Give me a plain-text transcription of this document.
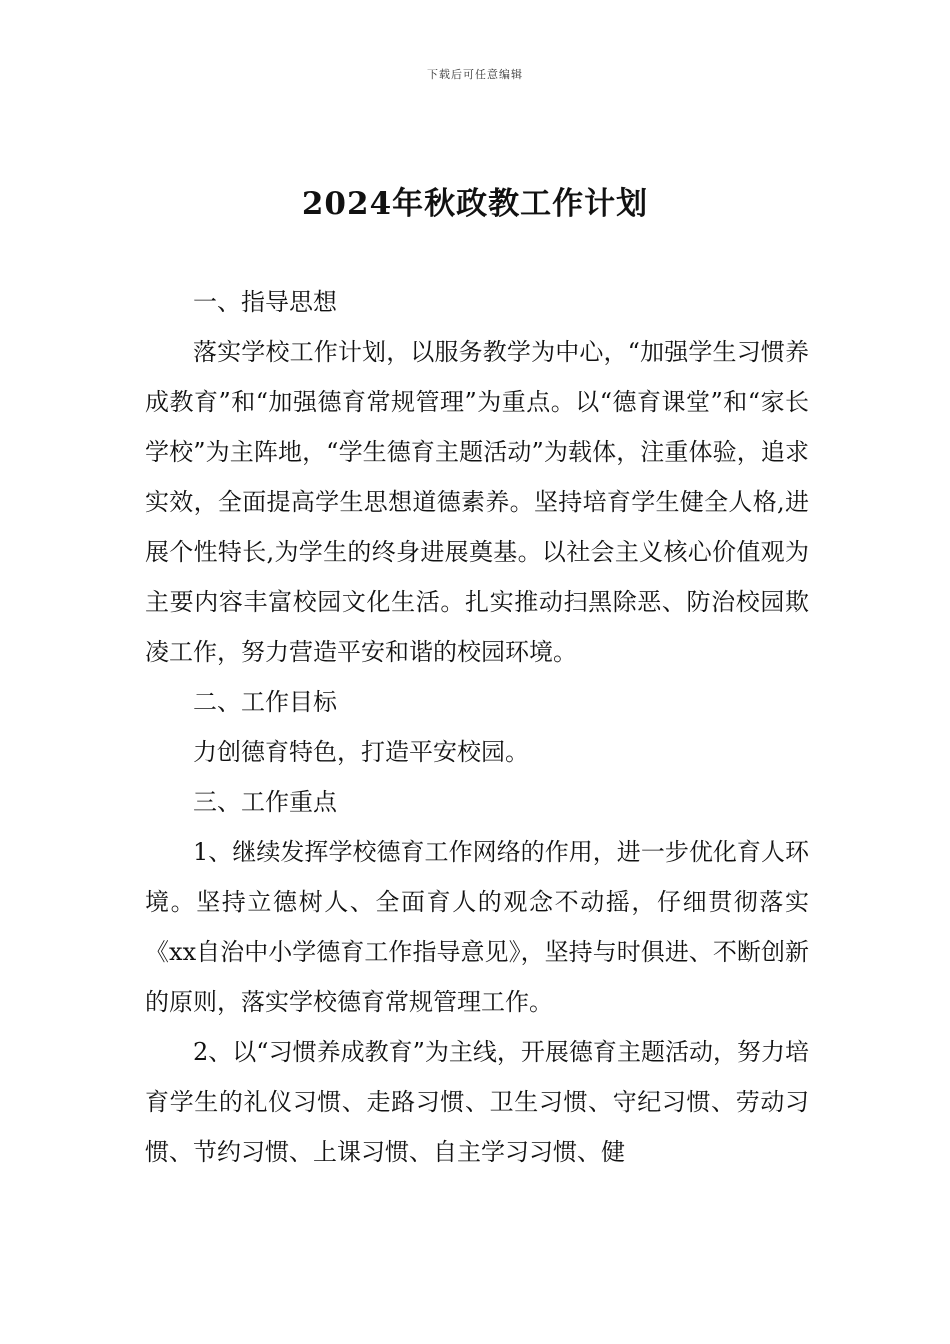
下载后可任意编辑
2024年秋政教工作计划

一、指导思想

落实学校工作计划，以服务教学为中心，“加强学生习惯养成教育”和“加强德育常规管理”为重点。以“德育课堂”和“家长学校”为主阵地，“学生德育主题活动”为载体，注重体验，追求实效，全面提高学生思想道德素养。坚持培育学生健全人格,进展个性特长,为学生的终身进展奠基。以社会主义核心价值观为主要内容丰富校园文化生活。扎实推动扫黑除恶、防治校园欺凌工作，努力营造平安和谐的校园环境。

二、工作目标

力创德育特色，打造平安校园。

三、工作重点

1、继续发挥学校德育工作网络的作用，进一步优化育人环境。坚持立德树人、全面育人的观念不动摇，仔细贯彻落实《xx自治中小学德育工作指导意见》，坚持与时俱进、不断创新的原则，落实学校德育常规管理工作。

2、以“习惯养成教育”为主线，开展德育主题活动，努力培育学生的礼仪习惯、走路习惯、卫生习惯、守纪习惯、劳动习惯、节约习惯、上课习惯、自主学习习惯、健
